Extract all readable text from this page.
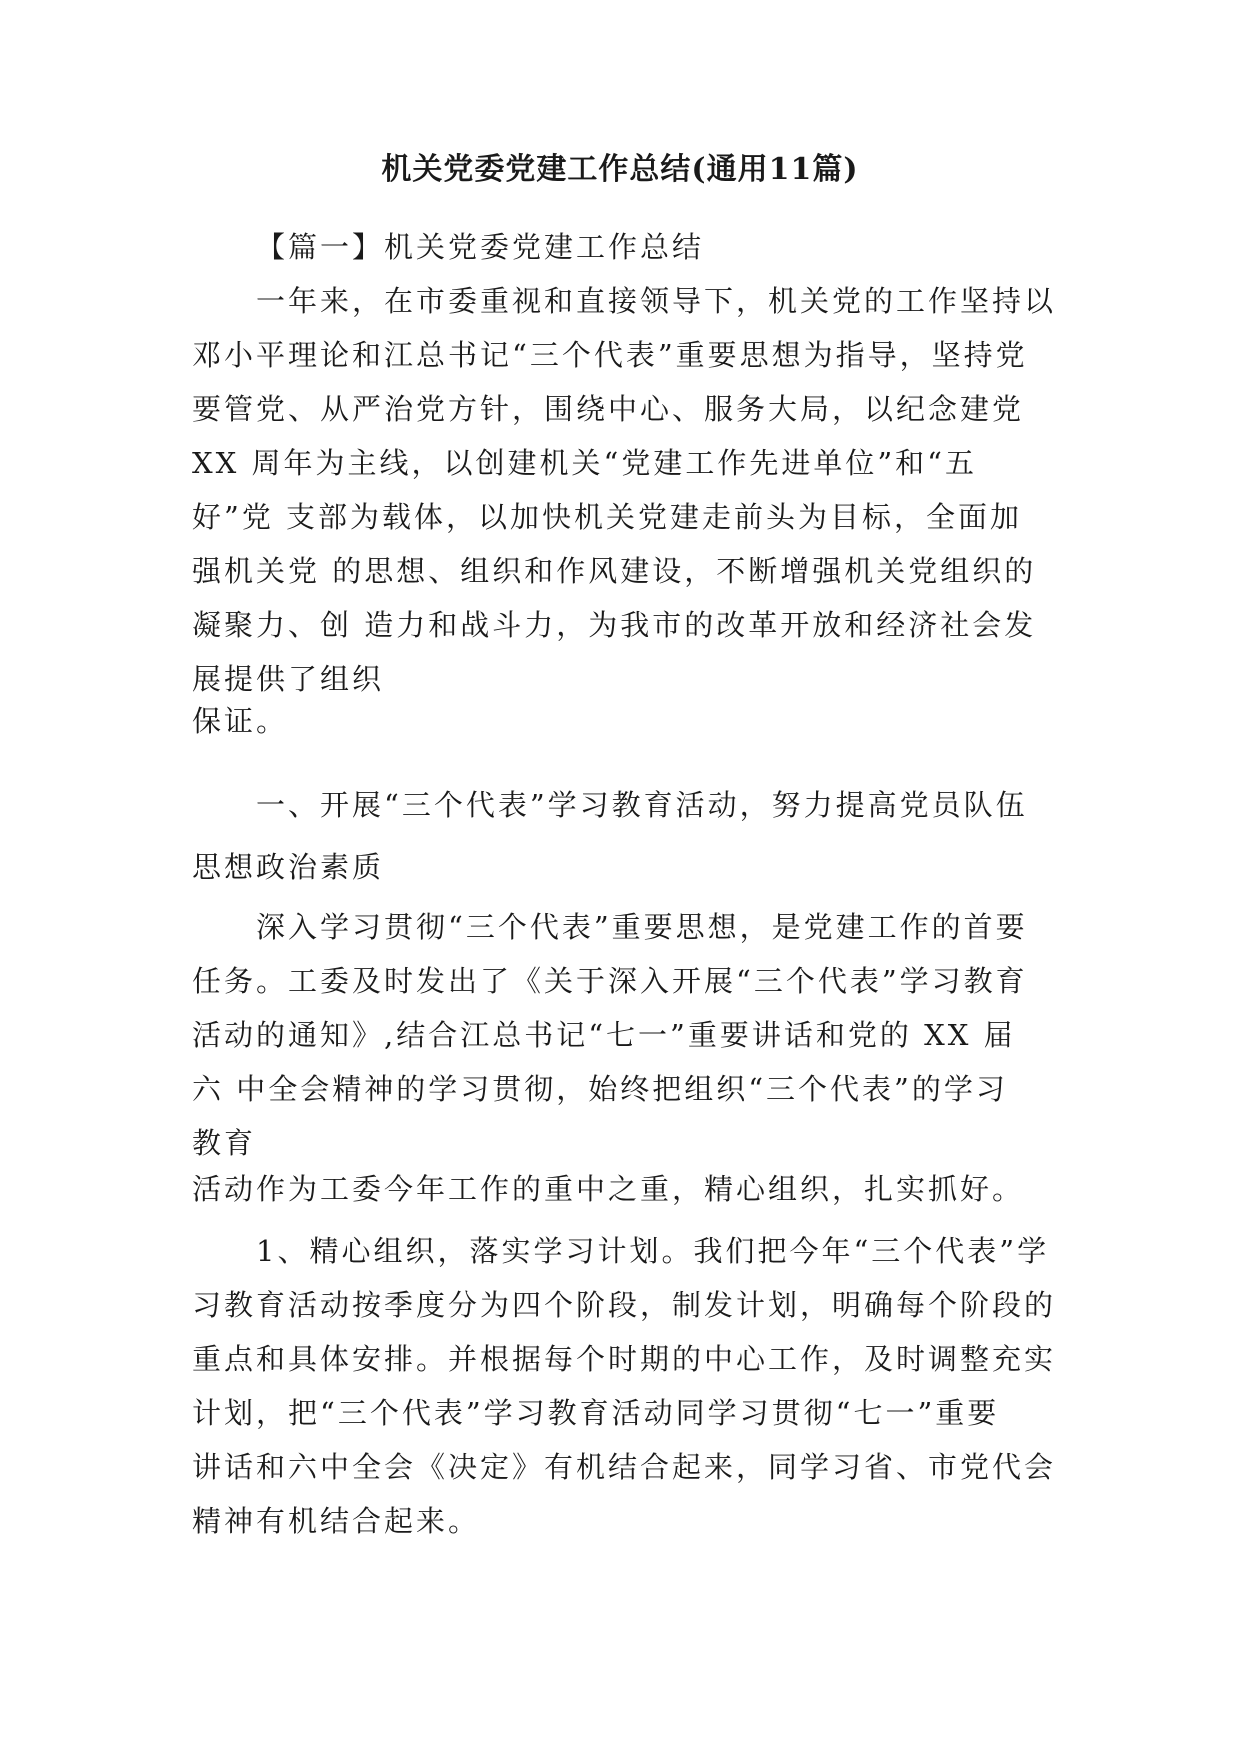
机关党委党建工作总结(通用11篇)
【篇一】机关党委党建工作总结
一年来，在市委重视和直接领导下，机关党的工作坚持以
邓小平理论和江总书记“三个代表”重要思想为指导，坚持党
要管党、从严治党方针，围绕中心、服务大局，以纪念建党
XX 周年为主线，以创建机关“党建工作先进单位”和“五
好”党 支部为载体，以加快机关党建走前头为目标，全面加
强机关党 的思想、组织和作风建设，不断增强机关党组织的
凝聚力、创 造力和战斗力，为我市的改革开放和经济社会发
展提供了组织
保证。
一、开展“三个代表”学习教育活动，努力提高党员队伍
思想政治素质
深入学习贯彻“三个代表”重要思想，是党建工作的首要
任务。工委及时发出了《关于深入开展“三个代表”学习教育
活动的通知》,结合江总书记“七一”重要讲话和党的 XX 届
六 中全会精神的学习贯彻，始终把组织“三个代表”的学习
教育
活动作为工委今年工作的重中之重，精心组织，扎实抓好。
1、精心组织，落实学习计划。我们把今年“三个代表”学
习教育活动按季度分为四个阶段，制发计划，明确每个阶段的
重点和具体安排。并根据每个时期的中心工作，及时调整充实
计划，把“三个代表”学习教育活动同学习贯彻“七一”重要
讲话和六中全会《决定》有机结合起来，同学习省、市党代会
精神有机结合起来。
